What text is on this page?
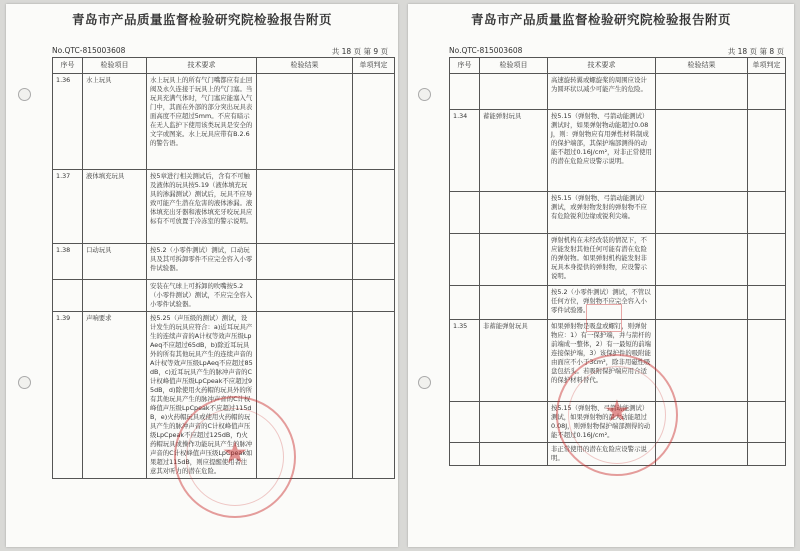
青岛市产品质量监督检验研究院检验报告附页
No.QTC-815003608	共 18 页 第 9 页
序号	检验项目	技术要求	检验结果	单项判定
1.36	水上玩具	水上玩具上的所有气门嘴都应有止回阀及永久连接于玩具上的气门塞。当玩具充满气体时，气门塞应能塞入气门中，其面在外部的部分突出玩具表面高度不应超过5mm。不应有暗示在无人监护下使用该类玩具是安全的文字或图案。水上玩具应带有B.2.6的警告语。		
1.37	液体填充玩具	按5章进行相关测试后，含有不可触及液体的玩具按5.19（液体填充玩具的渗漏测试）测试后，玩具不应导致可能产生潜在危害的液体渗漏。液体填充出牙器和液体填充牙咬玩具应标有不可放置于冷冻室的警示说明。		
1.38	口动玩具	按5.2（小零件测试）测试，口动玩具及其可拆卸零件不应完全容入小零件试验器。		
		安装在气球上可拆卸的吹嘴按5.2（小零件测试）测试，不应完全容入小零件试验器。		
1.39	声响要求	按5.25（声压级的测试）测试，设计发生的玩具应符合：a)近耳玩具产生的连续声音的A计权等效声压级LpAeq不应超过65dB，b)除近耳玩具外的所有其他玩具产生的连续声音的A计权等效声压级LpAeq不应超过85dB，c)近耳玩具产生的脉冲声音的C计权峰值声压级LpCpeak不应超过95dB，d)除使用火药帽的玩具外的所有其他玩具产生的脉冲声音的C计权峰值声压级LpCpeak不应超过115dB，e)火药帽玩具或使用火药帽的玩具产生的脉冲声音的C计权峰值声压级LpCpeak不应超过125dB，f)火药帽玩具或操作功能玩具产生的脉冲声音的C计权峰值声压级LpCpeak如果超过115dB，则应提醒使用者注意其对听力的潜在危险。		★
青岛市产品质量监督检验研究院检验报告附页
No.QTC-815003608	共 18 页 第 8 页
序号	检验项目	技术要求	检验结果	单项判定
		高速旋转翼或螺旋桨的周围应设计为圆环状以减少可能产生的危险。		
1.34	蓄能弹射玩具	按5.15（弹射物、弓箭动能测试）测试时，如果弹射物动能超过0.08J，则：弹射物应有用弹性材料制成的保护端部，其保护端部测得的动能不超过0.16J/cm²，对非正常使用的潜在危险应设警示说明。		
		按5.15（弹射物、弓箭动能测试）测试，或弹射物发射的弹射物不应有危险锐利边缘或锐利尖端。		
		弹射机构在未经改装的情况下，不应能发射其他任何可能有潜在危险的弹射物。如果弹射机构能发射非玩具本身提供的弹射物，应设警示说明。		
		按5.2（小零件测试）测试，不管以任何方位，弹射物不应完全容入小零件试验器。		
1.35	非蓄能弹射玩具	如果弹射物是吸盘或螺钉，则弹射物应：1）有一保护端，并与箭杆的前端成一整体，2）有一最短的前端连接保护端，3）该保护件的吸附能由面应不小于3cm²，除非用磁性吸盘包括头。若吸附保护端应用合适的保护材料替代。		
		按5.15（弹射物、弓箭动能测试）测试，如果弹射物的最大动能超过0.08J，则弹射物保护端部测得的动能不超过0.16J/cm²。		
		非正常使用的潜在危险应设警示说明。		
★
